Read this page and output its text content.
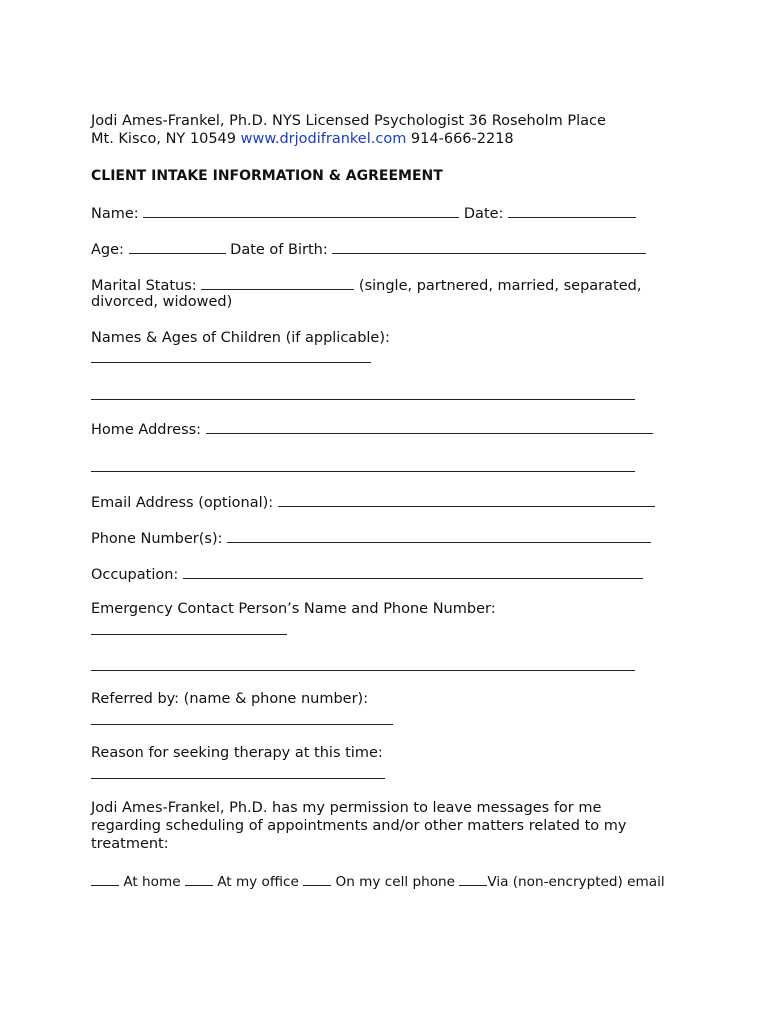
Jodi Ames-Frankel, Ph.D. NYS Licensed Psychologist 36 Roseholm Place
Mt. Kisco, NY 10549 www.drjodifrankel.com 914-666-2218
CLIENT INTAKE INFORMATION & AGREEMENT
Name:	Date:
Age:	Date of Birth:
Marital Status:	(single, partnered, married, separated,
divorced, widowed)
Names & Ages of Children (if applicable):
Home Address:
Email Address (optional):
Phone Number(s):
Occupation:
Emergency Contact Person’s Name and Phone Number:
Referred by: (name & phone number):
Reason for seeking therapy at this time:
Jodi Ames-Frankel, Ph.D. has my permission to leave messages for me
regarding scheduling of appointments and/or other matters related to my
treatment:
At home  At my office  On my cell phone Via (non-encrypted) email
